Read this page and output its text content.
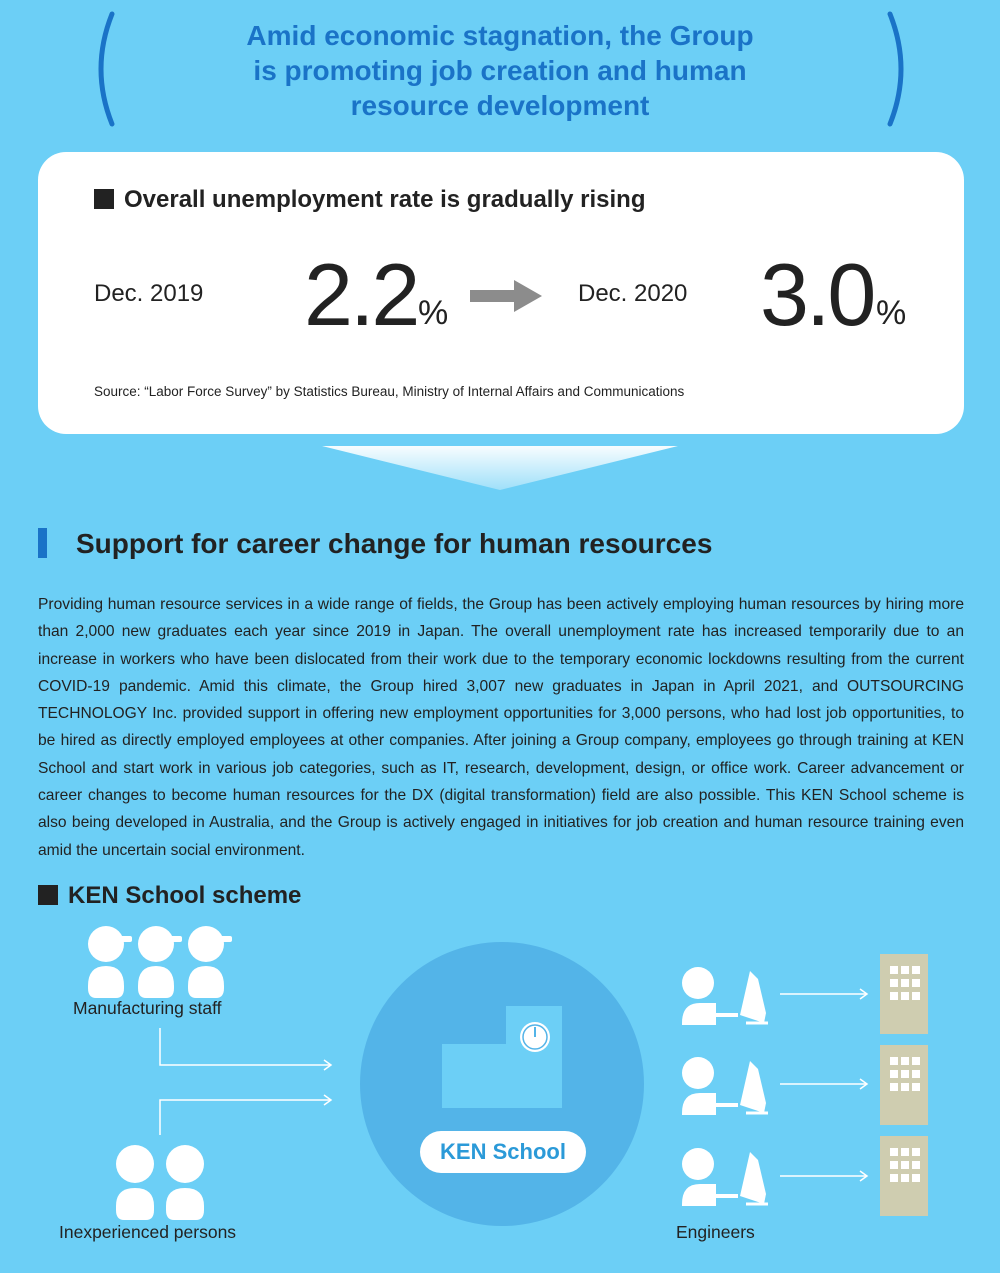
Amid economic stagnation, the Group
is promoting job creation and human
resource development
Overall unemployment rate is gradually rising
Dec. 2019 2.2 %
Dec. 2020 3.0 %
Source: “Labor Force Survey” by Statistics Bureau, Ministry of Internal Affairs and Communications
Support for career change for human resources
Providing human resource services in a wide range of fields, the Group has been actively employing human resources by hiring more than 2,000 new graduates each year since 2019 in Japan. The overall unemployment rate has increased temporarily due to an increase in workers who have been dislocated from their work due to the temporary economic lockdowns resulting from the current COVID-19 pandemic. Amid this climate, the Group hired 3,007 new graduates in Japan in April 2021, and OUTSOURCING TECHNOLOGY Inc. provided support in offering new employment opportunities for 3,000 persons, who had lost job opportunities, to be hired as directly employed employees at other companies. After joining a Group company, employees go through training at KEN School and start work in various job categories, such as IT, research, development, design, or office work. Career advancement or career changes to become human resources for the DX (digital transformation) field are also possible. This KEN School scheme is also being developed in Australia, and the Group is actively engaged in initiatives for job creation and human resource training even amid the uncertain social environment.
KEN School scheme
Manufacturing staff
KEN School
Inexperienced persons	Engineers
